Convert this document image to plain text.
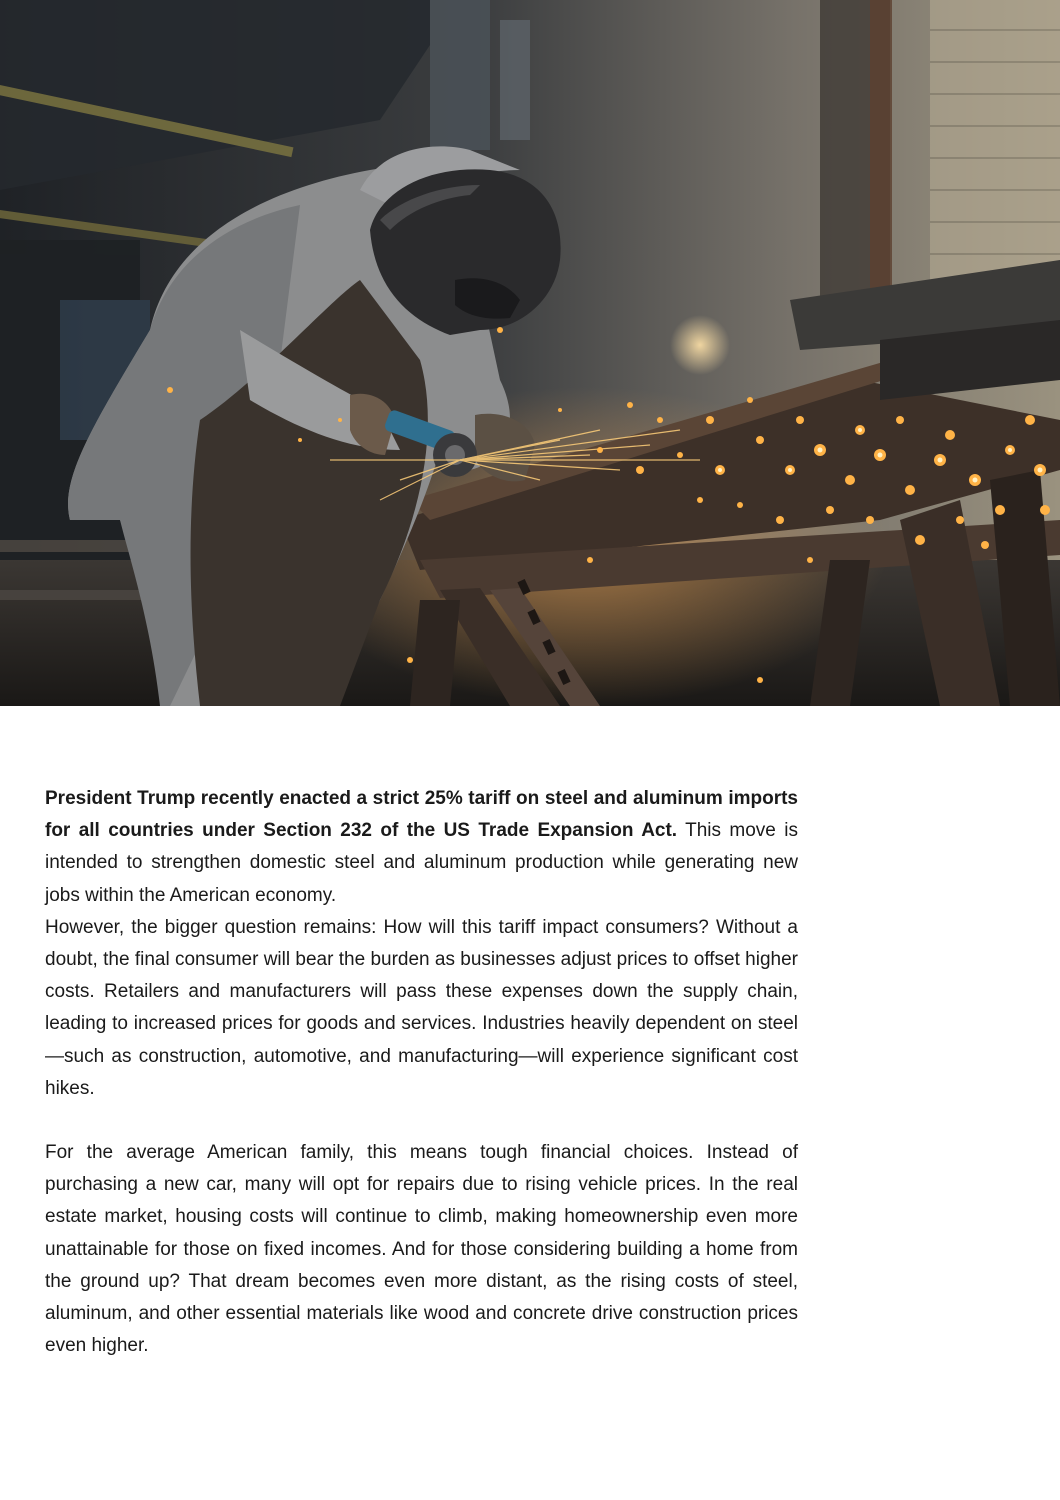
President Trump recently enacted a strict 25% tariff on steel and aluminum imports for all countries under Section 232 of the US Trade Expansion Act. This move is intended to strengthen domestic steel and aluminum production while generating new jobs within the American economy.

However, the bigger question remains: How will this tariff impact consumers? Without a doubt, the final consumer will bear the burden as businesses adjust prices to offset higher costs. Retailers and manufacturers will pass these expenses down the supply chain, leading to increased prices for goods and services. Industries heavily dependent on steel—such as construction, automotive, and manufacturing—will experience significant cost hikes.

For the average American family, this means tough financial choices. Instead of purchasing a new car, many will opt for repairs due to rising vehicle prices. In the real estate market, housing costs will continue to climb, making homeownership even more unattainable for those on fixed incomes. And for those considering building a home from the ground up? That dream becomes even more distant, as the rising costs of steel, aluminum, and other essential materials like wood and concrete drive construction prices even higher.
